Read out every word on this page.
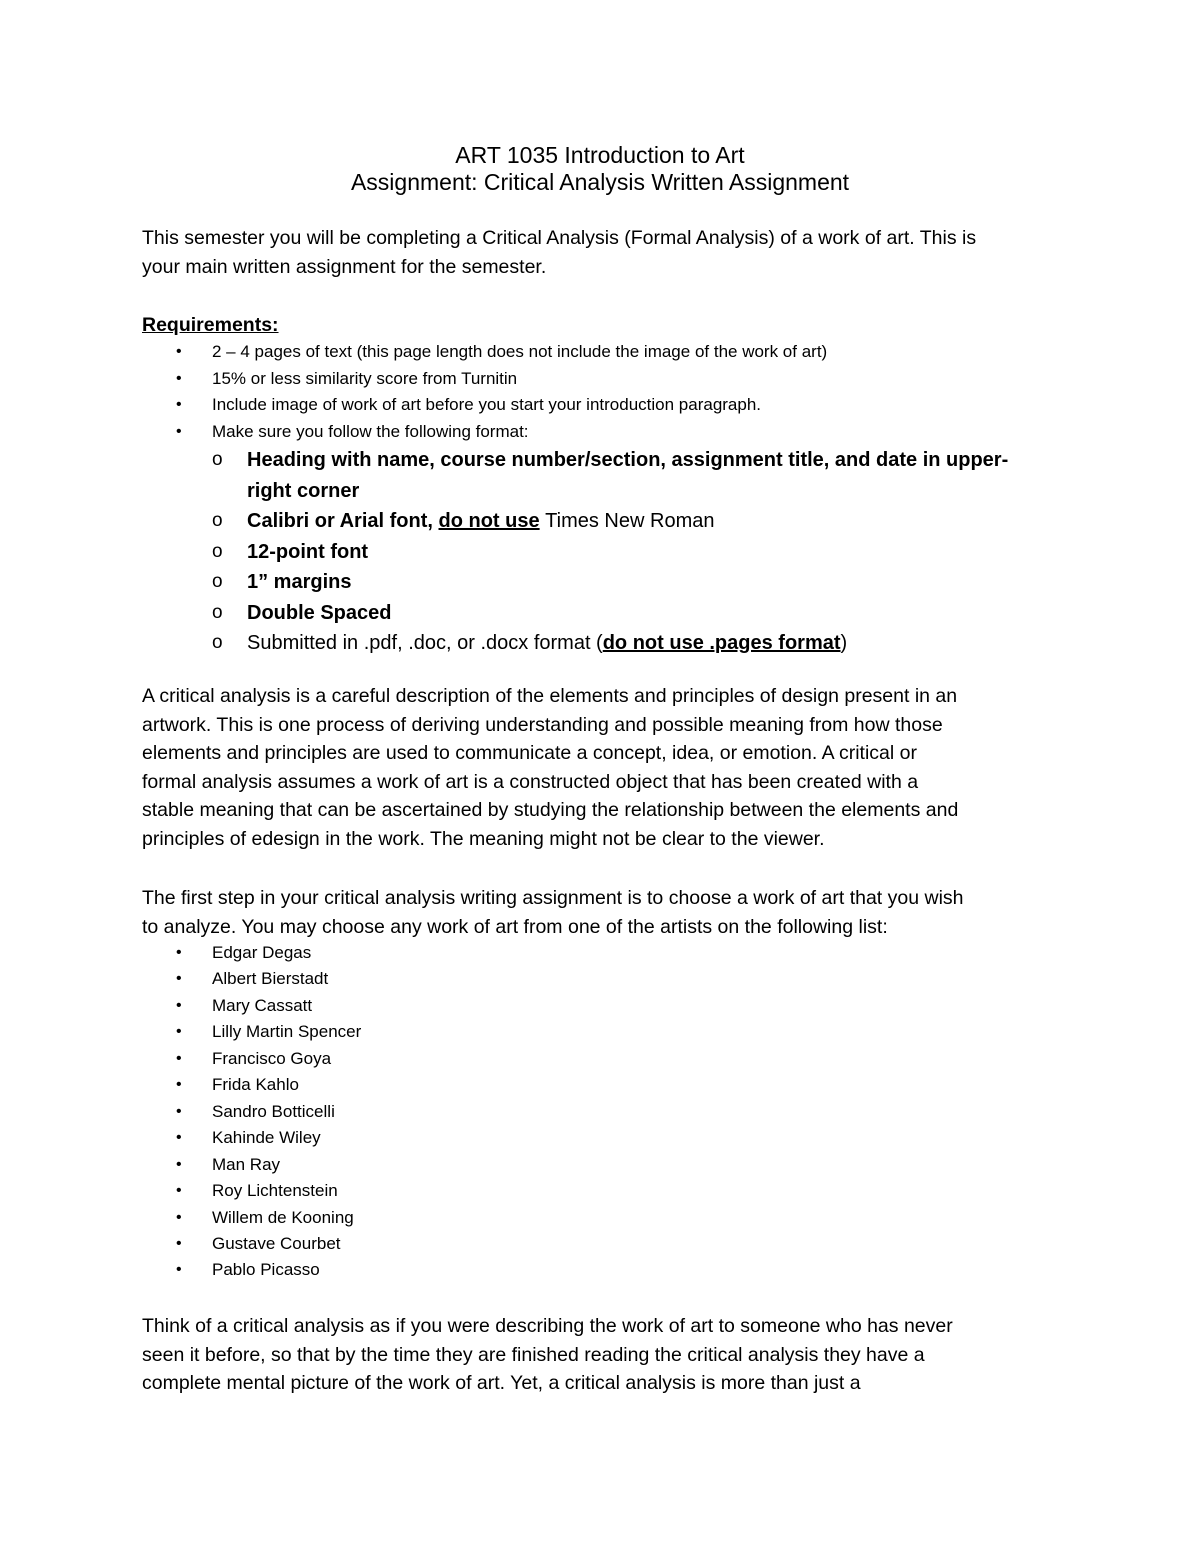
ART 1035 Introduction to Art
Assignment: Critical Analysis Written Assignment
This semester you will be completing a Critical Analysis (Formal Analysis) of a work of art. This is
your main written assignment for the semester.
Requirements:
• 2 – 4 pages of text (this page length does not include the image of the work of art)
• 15% or less similarity score from Turnitin
• Include image of work of art before you start your introduction paragraph.
• Make sure you follow the following format:
o Heading with name, course number/section, assignment title, and date in upper-
right corner
o Calibri or Arial font, do not use Times New Roman
o 12-point font
o 1” margins
o Double Spaced
o Submitted in .pdf, .doc, or .docx format (do not use .pages format)
A critical analysis is a careful description of the elements and principles of design present in an
artwork. This is one process of deriving understanding and possible meaning from how those
elements and principles are used to communicate a concept, idea, or emotion. A critical or
formal analysis assumes a work of art is a constructed object that has been created with a
stable meaning that can be ascertained by studying the relationship between the elements and
principles of edesign in the work. The meaning might not be clear to the viewer.
The first step in your critical analysis writing assignment is to choose a work of art that you wish
to analyze. You may choose any work of art from one of the artists on the following list:
• Edgar Degas
• Albert Bierstadt
• Mary Cassatt
• Lilly Martin Spencer
• Francisco Goya
• Frida Kahlo
• Sandro Botticelli
• Kahinde Wiley
• Man Ray
• Roy Lichtenstein
• Willem de Kooning
• Gustave Courbet
• Pablo Picasso
Think of a critical analysis as if you were describing the work of art to someone who has never
seen it before, so that by the time they are finished reading the critical analysis they have a
complete mental picture of the work of art. Yet, a critical analysis is more than just a
